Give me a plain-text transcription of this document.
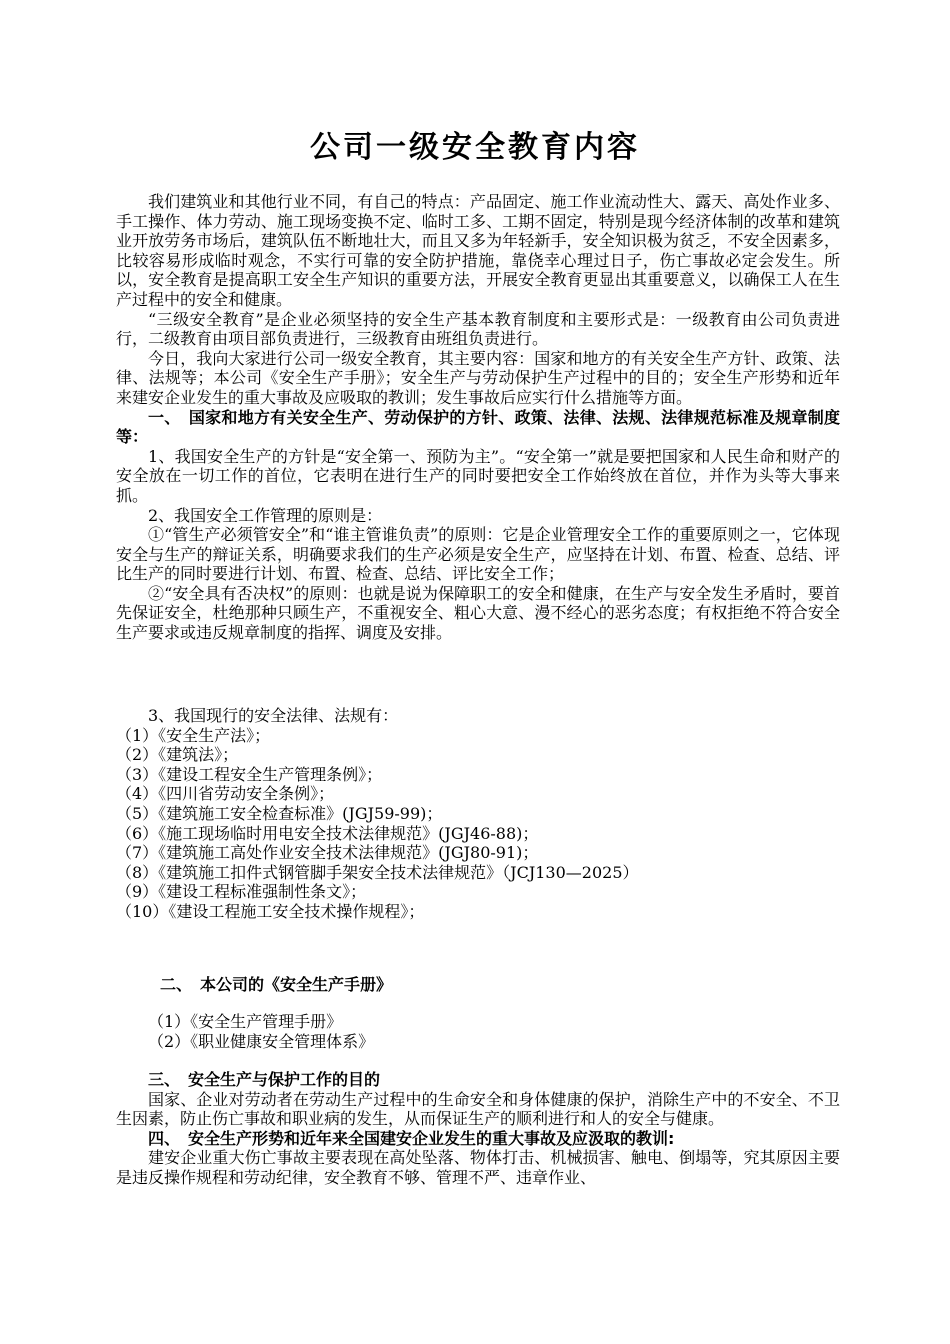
公司一级安全教育内容

我们建筑业和其他行业不同，有自己的特点：产品固定、施工作业流动性大、露天、高处作业多、手工操作、体力劳动、施工现场变换不定、临时工多、工期不固定，特别是现今经济体制的改革和建筑业开放劳务市场后，建筑队伍不断地壮大，而且又多为年轻新手，安全知识极为贫乏，不安全因素多，比较容易形成临时观念，不实行可靠的安全防护措施，靠侥幸心理过日子，伤亡事故必定会发生。所以，安全教育是提高职工安全生产知识的重要方法，开展安全教育更显出其重要意义，以确保工人在生产过程中的安全和健康。

“三级安全教育”是企业必须坚持的安全生产基本教育制度和主要形式是：一级教育由公司负责进行，二级教育由项目部负责进行，三级教育由班组负责进行。

今日，我向大家进行公司一级安全教育，其主要内容：国家和地方的有关安全生产方针、政策、法律、法规等；本公司《安全生产手册》；安全生产与劳动保护生产过程中的目的；安全生产形势和近年来建安企业发生的重大事故及应吸取的教训；发生事故后应实行什么措施等方面。

一、　国家和地方有关安全生产、劳动保护的方针、政策、法律、法规、法律规范标准及规章制度等：

1、我国安全生产的方针是“安全第一、预防为主”。“安全第一”就是要把国家和人民生命和财产的安全放在一切工作的首位，它表明在进行生产的同时要把安全工作始终放在首位，并作为头等大事来抓。

2、我国安全工作管理的原则是：

①“管生产必须管安全”和“谁主管谁负责”的原则：它是企业管理安全工作的重要原则之一，它体现安全与生产的辩证关系，明确要求我们的生产必须是安全生产，应坚持在计划、布置、检查、总结、评比生产的同时要进行计划、布置、检查、总结、评比安全工作；

②“安全具有否决权”的原则：也就是说为保障职工的安全和健康，在生产与安全发生矛盾时，要首先保证安全，杜绝那种只顾生产，不重视安全、粗心大意、漫不经心的恶劣态度；有权拒绝不符合安全生产要求或违反规章制度的指挥、调度及安排。

3、我国现行的安全法律、法规有：

（1）《安全生产法》；

（2）《建筑法》；

（3）《建设工程安全生产管理条例》；

（4）《四川省劳动安全条例》；

（5）《建筑施工安全检查标准》(JGJ59-99)；

（6）《施工现场临时用电安全技术法律规范》(JGJ46-88)；

（7）《建筑施工高处作业安全技术法律规范》(JGJ80-91)；

（8）《建筑施工扣件式钢管脚手架安全技术法律规范》（JCJ130—2025）

（9）《建设工程标准强制性条文》；

（10）《建设工程施工安全技术操作规程》；

二、　本公司的《安全生产手册》
（1）《安全生产管理手册》
（2）《职业健康安全管理体系》

三、　安全生产与保护工作的目的

国家、企业对劳动者在劳动生产过程中的生命安全和身体健康的保护，消除生产中的不安全、不卫生因素，防止伤亡事故和职业病的发生，从而保证生产的顺利进行和人的安全与健康。

四、　安全生产形势和近年来全国建安企业发生的重大事故及应汲取的教训:

建安企业重大伤亡事故主要表现在高处坠落、物体打击、机械损害、触电、倒塌等，究其原因主要是违反操作规程和劳动纪律，安全教育不够、管理不严、违章作业、
